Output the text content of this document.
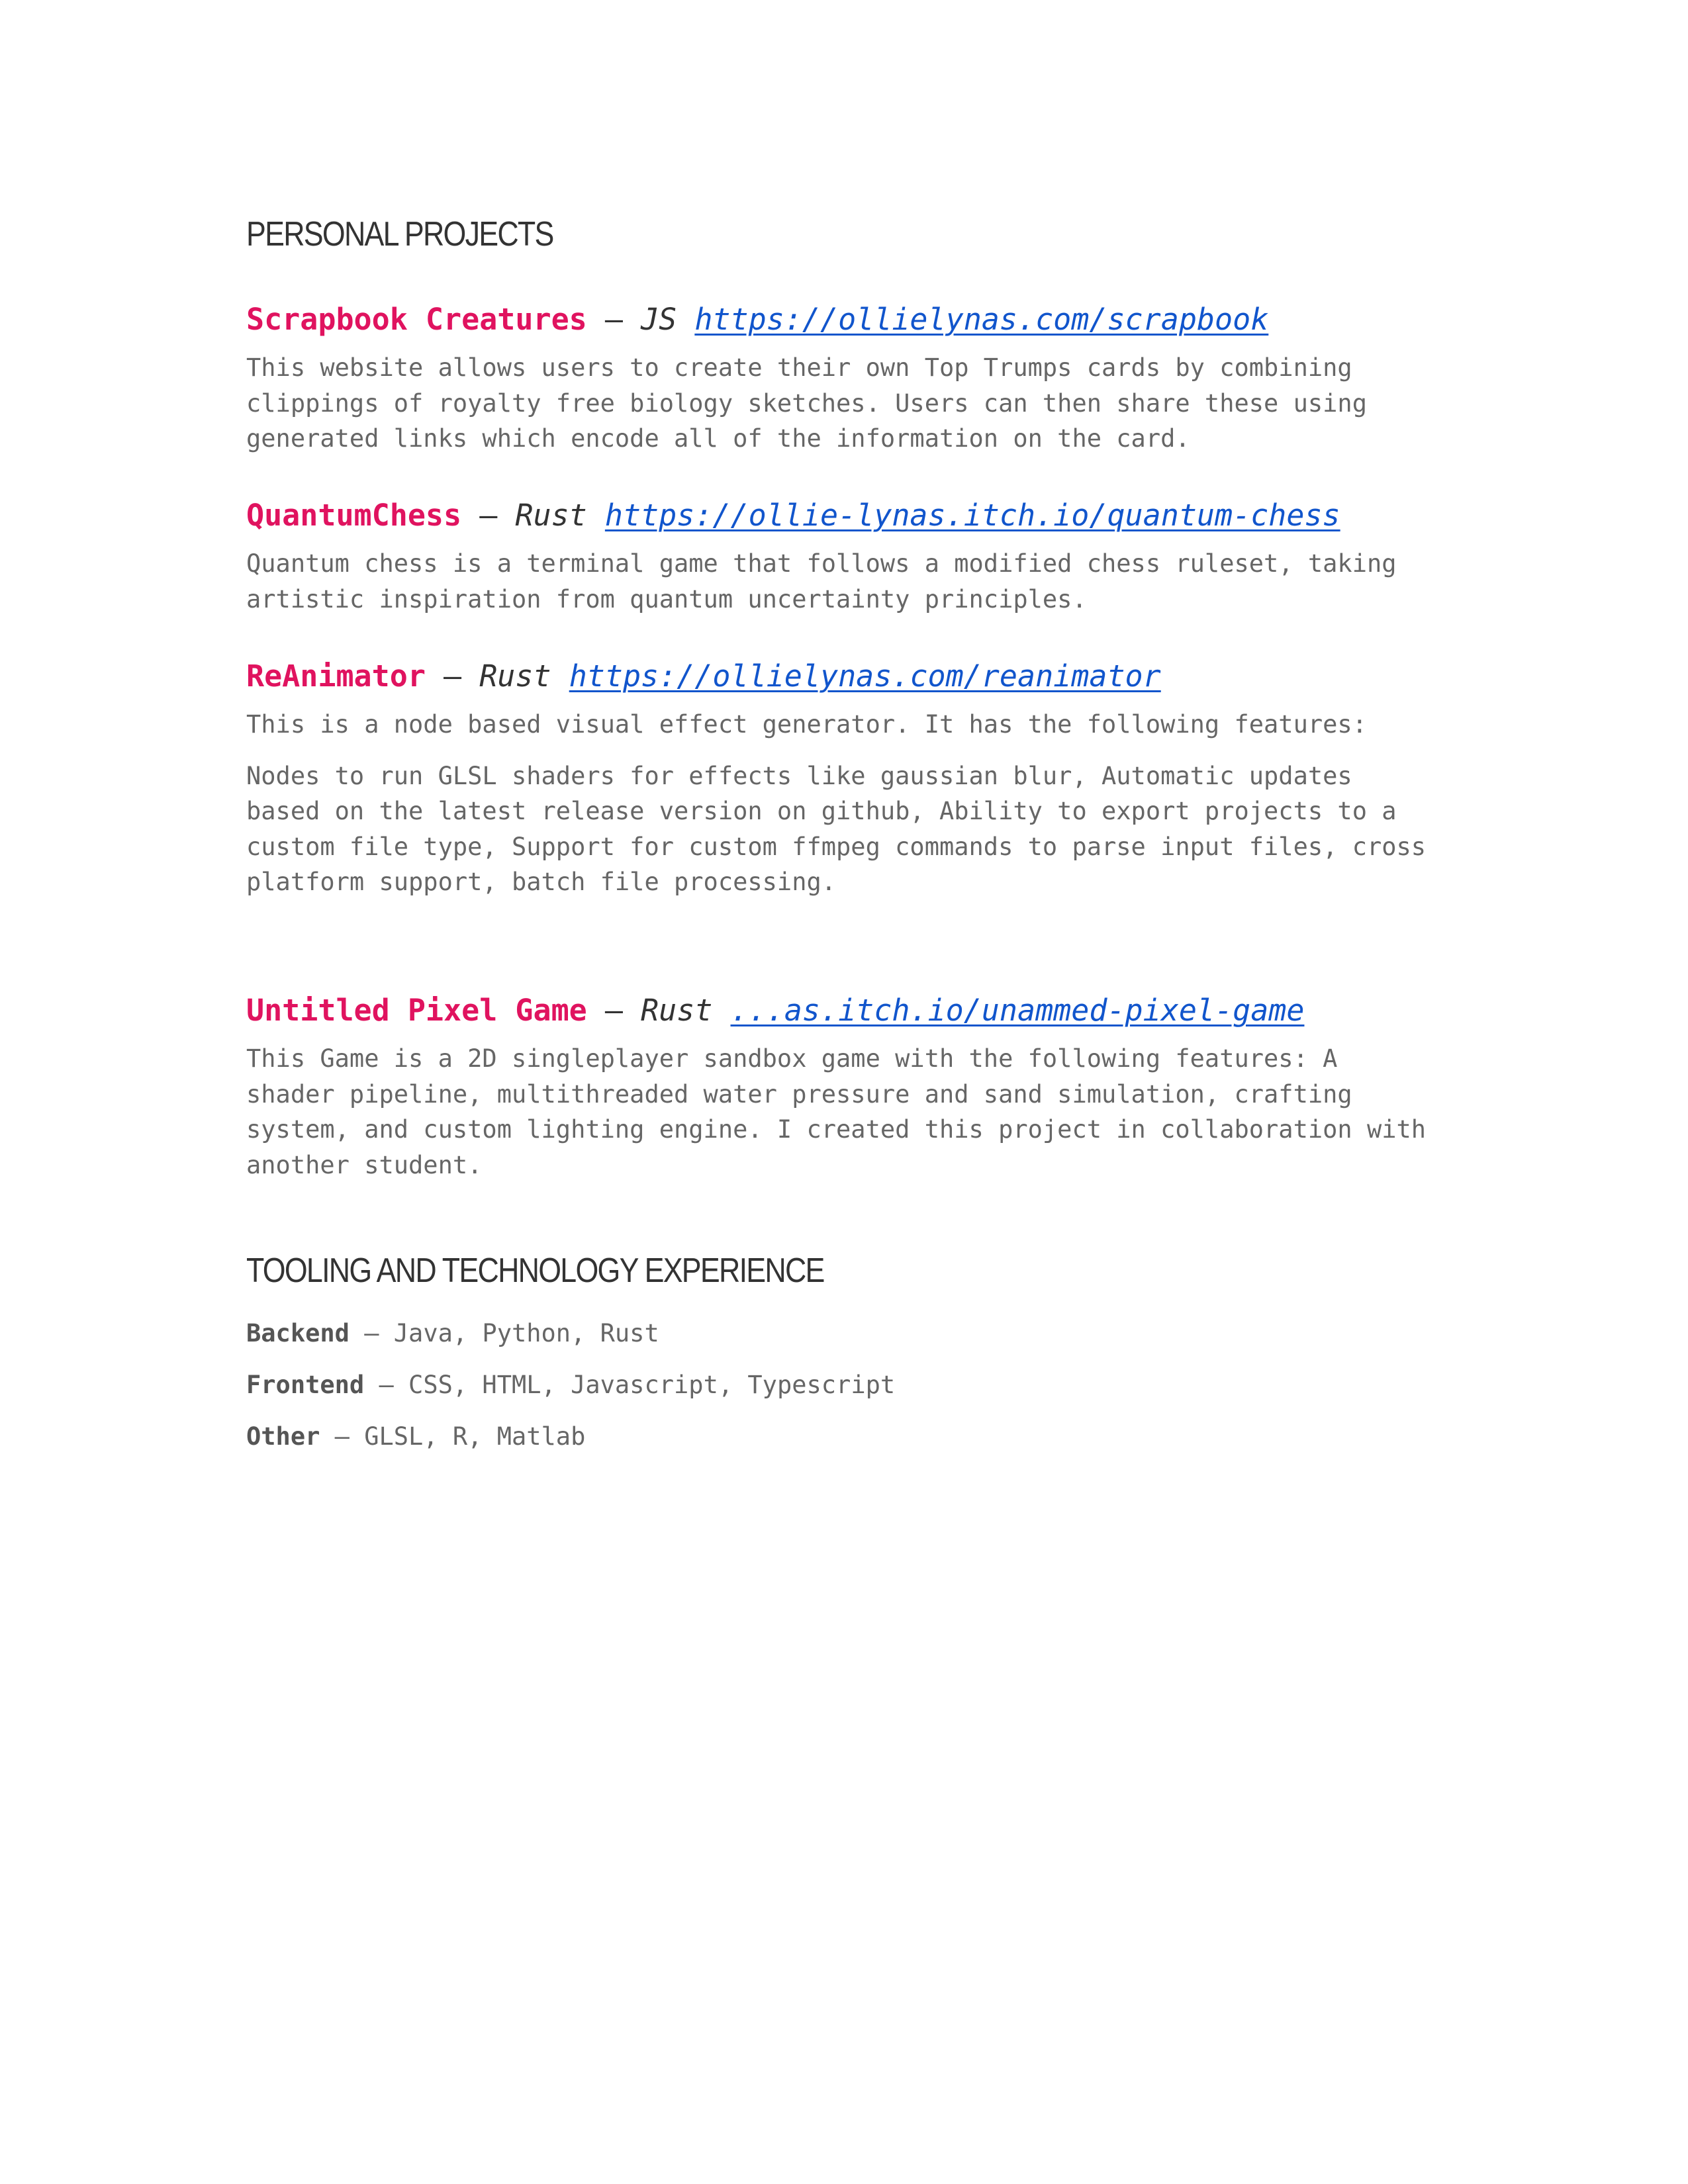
PERSONAL PROJECTS
Scrapbook Creatures – JS https://ollielynas.com/scrapbook

This website allows users to create their own Top Trumps cards by combining
clippings of royalty free biology sketches. Users can then share these using
generated links which encode all of the information on the card.

QuantumChess – Rust https://ollie-lynas.itch.io/quantum-chess

Quantum chess is a terminal game that follows a modified chess ruleset, taking
artistic inspiration from quantum uncertainty principles.

ReAnimator – Rust https://ollielynas.com/reanimator

This is a node based visual effect generator. It has the following features:

Nodes to run GLSL shaders for effects like gaussian blur, Automatic updates
based on the latest release version on github, Ability to export projects to a
custom file type, Support for custom ffmpeg commands to parse input files, cross
platform support, batch file processing.

Untitled Pixel Game – Rust ...as.itch.io/unammed-pixel-game

This Game is a 2D singleplayer sandbox game with the following features: A
shader pipeline, multithreaded water pressure and sand simulation, crafting
system, and custom lighting engine. I created this project in collaboration with
another student.

TOOLING AND TECHNOLOGY EXPERIENCE
Backend – Java, Python, Rust
Frontend – CSS, HTML, Javascript, Typescript
Other – GLSL, R, Matlab
